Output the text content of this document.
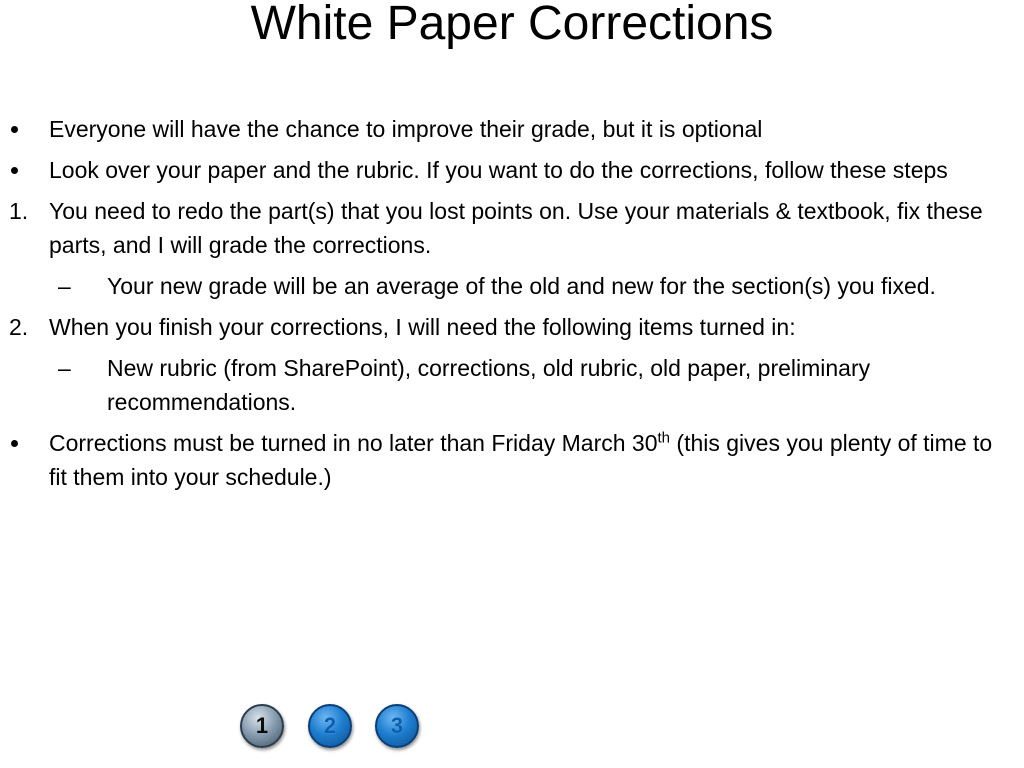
White Paper Corrections
Everyone will have the chance to improve their grade, but it is optional
Look over your paper and the rubric. If you want to do the corrections, follow these steps
1. You need to redo the part(s) that you lost points on. Use your materials & textbook, fix these parts, and I will grade the corrections.
–	Your new grade will be an average of the old and new for the section(s) you fixed.
2. When you finish your corrections, I will need the following items turned in:
–	New rubric (from SharePoint), corrections, old rubric, old paper, preliminary recommendations.
Corrections must be turned in no later than Friday March 30th (this gives you plenty of time to fit them into your schedule.)
1	2	3
